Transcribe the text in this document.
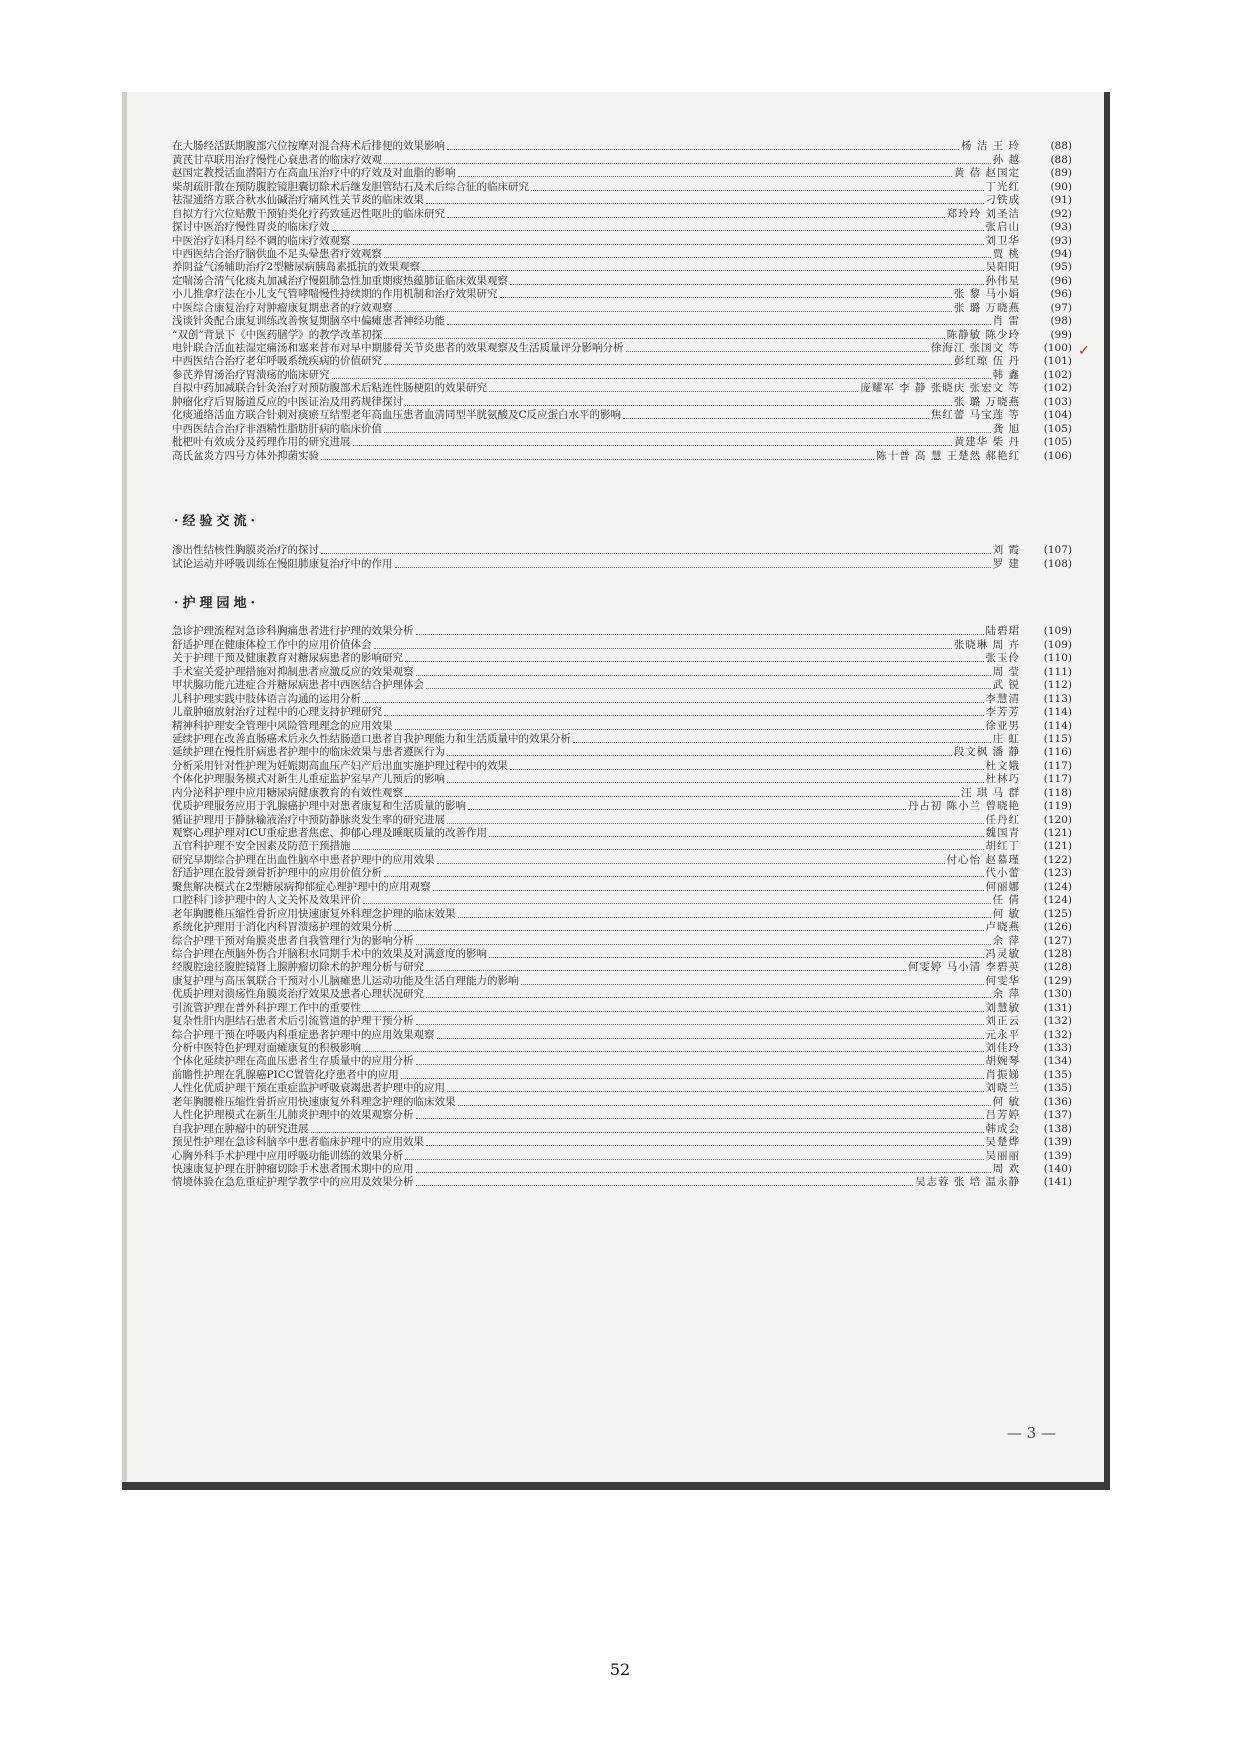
在大肠经活跃期腹部穴位按摩对混合痔术后排便的效果影响	杨 洁 王 玲	(88)
黄芪甘草联用治疗慢性心衰患者的临床疗效观	孙 越	(88)
赵国定教授活血潜阳方在高血压治疗中的疗效及对血脂的影响	黄 蓓 赵国定	(89)
柴胡疏肝散在预防腹腔镜胆囊切除术后继发胆管结石及术后综合征的临床研究	丁光红	(90)
祛湿通络方联合秋水仙碱治疗痛风性关节炎的临床效果	刁铁成	(91)
自拟方行穴位贴敷干预铂类化疗药致延迟性呕吐的临床研究	郑玲玲 刘圣洁	(92)
探讨中医治疗慢性胃炎的临床疗效	张启山	(93)
中医治疗妇科月经不调的临床疗效观察	刘卫华	(93)
中西医结合治疗脑供血不足头晕患者疗效观察	贾 桃	(94)
养阴益气汤辅助治疗2型糖尿病胰岛素抵抗的效果观察	吴阳阳	(95)
定喘汤合清气化痰丸加减治疗慢阻肺急性加重期痰热蕴肺证临床效果观察	孙伟星	(96)
小儿推拿疗法在小儿支气管哮喘慢性持续期的作用机制和治疗效果研究	张 黎 马小娟	(96)
中医综合康复治疗对肿瘤康复期患者的疗效观察	张 璐 万晓燕	(97)
浅谈针灸配合康复训练改善恢复期脑卒中偏瘫患者神经功能	肖 雷	(98)
“双创”背景下《中医药膳学》的教学改革初探	陈静敏 陈少玲	(99)
电针联合活血祛湿定痛汤和塞来昔布对早中期膝骨关节炎患者的效果观察及生活质量评分影响分析	徐海江 张国文 等	(100)
中西医结合治疗老年呼吸系统疾病的价值研究	彭红琼 伍 丹	(101)
参芪养胃汤治疗胃溃疡的临床研究	韩 鑫	(102)
自拟中药加减联合针灸治疗对预防腹部术后粘连性肠梗阻的效果研究	庞耀军 李 静 张晓庆 张宏文 等	(102)
肿瘤化疗后胃肠道反应的中医证治及用药规律探讨	张 璐 万晓燕	(103)
化痰通络活血方联合针刺对痰瘀互结型老年高血压患者血清同型半胱氨酸及C反应蛋白水平的影响	焦红蕾 马宝莲 等	(104)
中西医结合治疗非酒精性脂肪肝病的临床价值	龚 旭	(105)
枇杷叶有效成分及药理作用的研究进展	黄建华 柴 丹	(105)
高氏盆炎方四号方体外抑菌实验	陈十普 高 慧 王楚然 郝艳红	(106)
·经验交流·
渗出性结核性胸膜炎治疗的探讨	刘 霞	(107)
试论运动并呼吸训练在慢阻肺康复治疗中的作用	罗 建	(108)
·护理园地·
急诊护理流程对急诊科胸痛患者进行护理的效果分析	陆碧珺	(109)
舒适护理在健康体检工作中的应用价值体会	张晓琳 周 卉	(109)
关于护理干预及健康教育对糖尿病患者的影响研究	张玉伶	(110)
手术室关爱护理措施对抑制患者应激反应的效果观察	周 莹	(111)
甲状腺功能亢进症合并糖尿病患者中西医结合护理体会	武 锐	(112)
儿科护理实践中肢体语言沟通的运用分析	李慧清	(113)
儿童肿瘤放射治疗过程中的心理支持护理研究	李芳芳	(114)
精神科护理安全管理中风险管理理念的应用效果	徐亚男	(114)
延续护理在改善直肠癌术后永久性结肠造口患者自我护理能力和生活质量中的效果分析	庄 虹	(115)
延续护理在慢性肝病患者护理中的临床效果与患者遵医行为	段文枫 潘 静	(116)
分析采用针对性护理为妊娠期高血压产妇产后出血实施护理过程中的效果	杜文娥	(117)
个体化护理服务模式对新生儿重症监护室早产儿预后的影响	杜林巧	(117)
内分泌科护理中应用糖尿病健康教育的有效性观察	汪 琪 马 群	(118)
优质护理服务应用于乳腺癌护理中对患者康复和生活质量的影响	丹占初 陈小兰 曾晓艳	(119)
循证护理用于静脉输液治疗中预防静脉炎发生率的研究进展	任丹红	(120)
观察心理护理对ICU重症患者焦虑、抑郁心理及睡眠质量的改善作用	魏国青	(121)
五官科护理不安全因素及防范干预措施	胡红丁	(121)
研究早期综合护理在出血性脑卒中患者护理中的应用效果	付心怡 赵慕瑾	(122)
舒适护理在股骨颈骨折护理中的应用价值分析	代小蕾	(123)
聚焦解决模式在2型糖尿病抑郁症心理护理中的应用观察	何丽娜	(124)
口腔科门诊护理中的人文关怀及效果评价	任 倩	(124)
老年胸腰椎压缩性骨折应用快速康复外科理念护理的临床效果	何 敏	(125)
系统化护理用于消化内科胃溃疡护理的效果分析	卢晓燕	(126)
综合护理干预对角膜炎患者自我管理行为的影响分析	余 萍	(127)
综合护理在颅脑外伤合并脑积水同期手术中的效果及对满意度的影响	冯灵敏	(128)
经腹腔途径腹腔镜肾上腺肿瘤切除术的护理分析与研究	何雯婷 马小清 李碧英	(128)
康复护理与高压氧联合干预对小儿脑瘫患儿运动功能及生活自理能力的影响	何雯华	(129)
优质护理对溃疡性角膜炎治疗效果及患者心理状况研究	余 萍	(130)
引流管护理在普外科护理工作中的重要性	刘慧敏	(131)
复杂性肝内胆结石患者术后引流管道的护理干预分析	刘正云	(132)
综合护理干预在呼吸内科重症患者护理中的应用效果观察	元永平	(132)
分析中医特色护理对面瘫康复的积极影响	刘佳玲	(133)
个体化延续护理在高血压患者生存质量中的应用分析	胡婉琴	(134)
前瞻性护理在乳腺癌PICC置管化疗患者中的应用	肖振娣	(135)
人性化优质护理干预在重症监护呼吸衰竭患者护理中的应用	刘晓兰	(135)
老年胸腰椎压缩性骨折应用快速康复外科理念护理的临床效果	何 敏	(136)
人性化护理模式在新生儿肺炎护理中的效果观察分析	吕芳婷	(137)
自我护理在肿瘤中的研究进展	韩成会	(138)
预见性护理在急诊科脑卒中患者临床护理中的应用效果	吴楚烨	(139)
心胸外科手术护理中应用呼吸功能训练的效果分析	吴丽丽	(139)
快速康复护理在肝肿瘤切除手术患者围术期中的应用	周 欢	(140)
情境体验在急危重症护理学教学中的应用及效果分析	吴志蓉 张 培 温永静	(141)
✓
— 3 —
52
